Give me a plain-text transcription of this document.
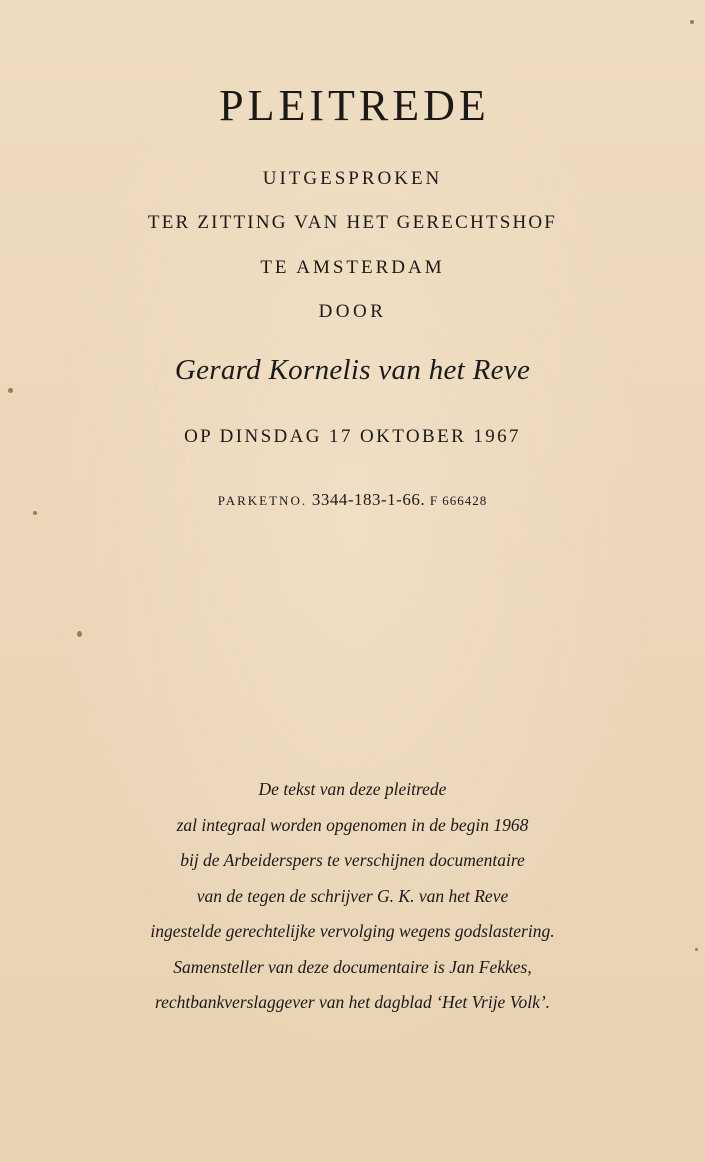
PLEITREDE
UITGESPROKEN
TER ZITTING VAN HET GERECHTSHOF
TE AMSTERDAM
DOOR
Gerard Kornelis van het Reve
OP DINSDAG 17 OKTOBER 1967
PARKETNO. 3344-183-1-66. F 666428
De tekst van deze pleitrede
zal integraal worden opgenomen in de begin 1968
bij de Arbeiderspers te verschijnen documentaire
van de tegen de schrijver G. K. van het Reve
ingestelde gerechtelijke vervolging wegens godslastering.
Samensteller van deze documentaire is Jan Fekkes,
rechtbankverslaggever van het dagblad ‘Het Vrije Volk’.
